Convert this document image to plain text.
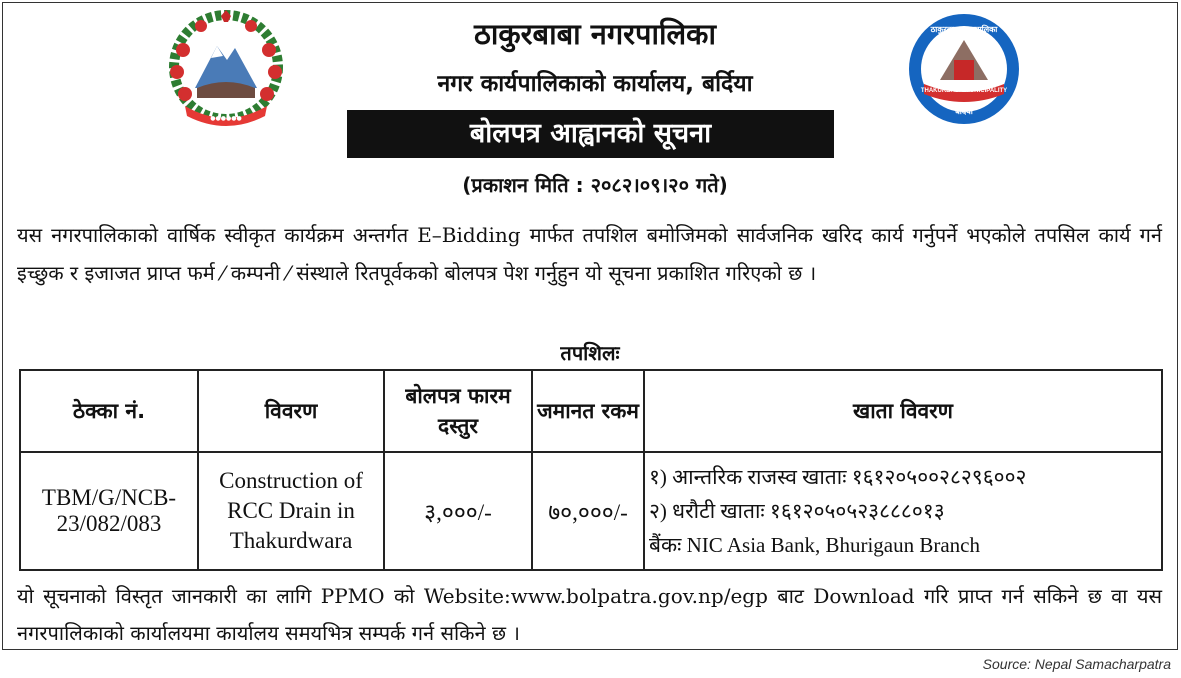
●●●●●●
THAKURBABA MUNICIPALITY
ठाकुरबाबा नगरपालिका
बर्दिया
ठाकुरबाबा नगरपालिका
नगर कार्यपालिकाको कार्यालय, बर्दिया
बोलपत्र आह्वानको सूचना
(प्रकाशन मिति : २०८२।०९।२० गते)
यस नगरपालिकाको वार्षिक स्वीकृत कार्यक्रम अन्तर्गत E–Bidding मार्फत तपशिल बमोजिमको सार्वजनिक खरिद कार्य गर्नुपर्ने भएकोले तपसिल कार्य गर्न इच्छुक र इजाजत प्राप्त फर्म ⁄ कम्पनी ⁄ संस्थाले रितपूर्वकको बोलपत्र पेश गर्नुहुन यो सूचना प्रकाशित गरिएको छ ।
तपशिलः
ठेक्का नं.	विवरण	बोलपत्र फारम दस्तुर	जमानत रकम	खाता विवरण
TBM/G/NCB-23/082/083	Construction of RCC Drain in Thakurdwara	३,०००/-	७०,०००/-	१) आन्तरिक राजस्व खाताः १६१२०५००२८२९६००२
२) धरौटी खाताः १६१२०५०५२३८८८०१३
बैंकः NIC Asia Bank, Bhurigaun Branch
यो सूचनाको विस्तृत जानकारी का लागि PPMO को Website:www.bolpatra.gov.np/egp बाट Download गरि प्राप्त गर्न सकिने छ वा यस नगरपालिकाको कार्यालयमा कार्यालय समयभित्र सम्पर्क गर्न सकिने छ ।
Source: Nepal Samacharpatra
